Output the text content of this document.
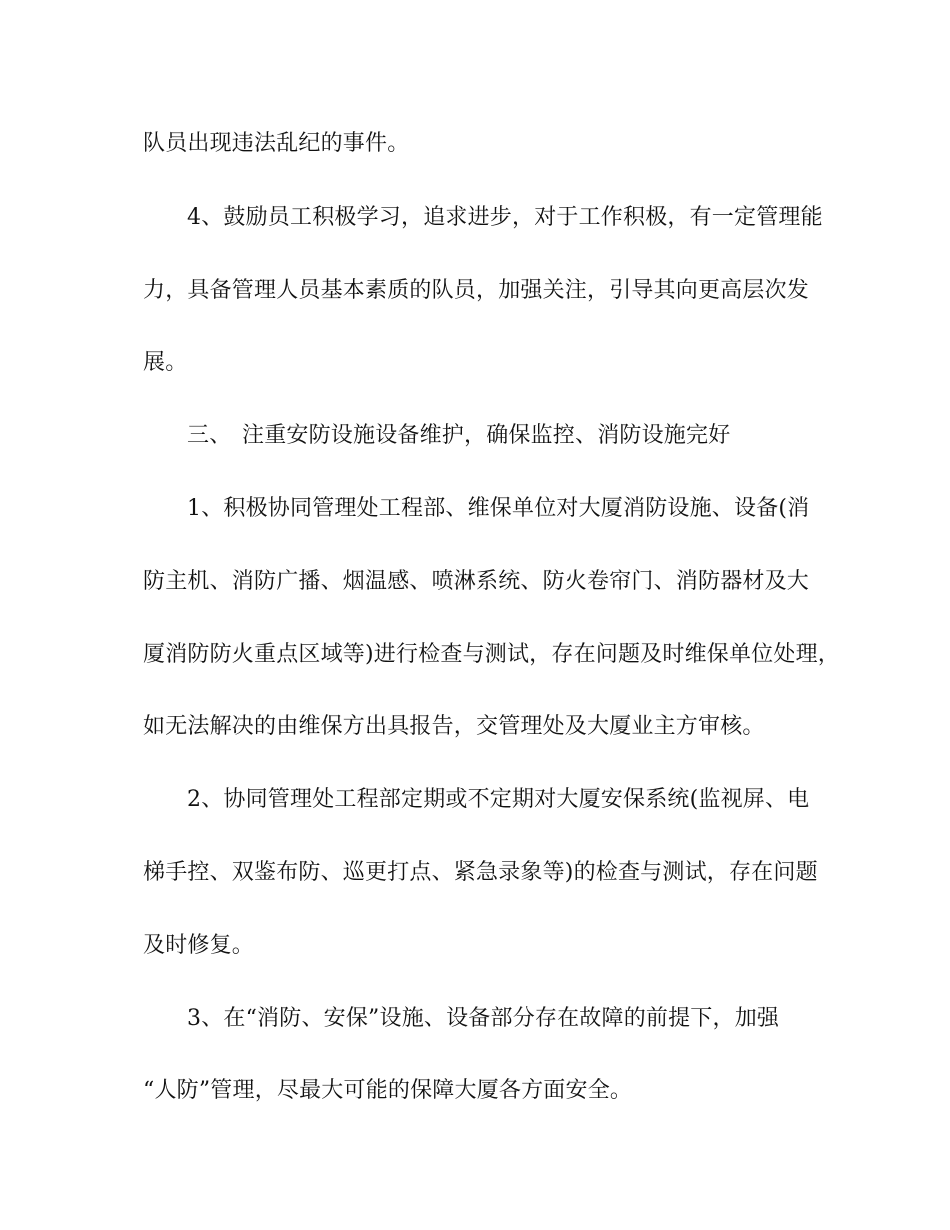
队员出现违法乱纪的事件。
4、鼓励员工积极学习，追求进步，对于工作积极，有一定管理能
力，具备管理人员基本素质的队员，加强关注，引导其向更高层次发
展。
三、 注重安防设施设备维护，确保监控、消防设施完好
1、积极协同管理处工程部、维保单位对大厦消防设施、设备(消
防主机、消防广播、烟温感、喷淋系统、防火卷帘门、消防器材及大
厦消防防火重点区域等)进行检查与测试，存在问题及时维保单位处理，
如无法解决的由维保方出具报告，交管理处及大厦业主方审核。
2、协同管理处工程部定期或不定期对大厦安保系统(监视屏、电
梯手控、双鉴布防、巡更打点、紧急录象等)的检查与测试，存在问题
及时修复。
3、在“消防、安保”设施、设备部分存在故障的前提下，加强
“人防”管理，尽最大可能的保障大厦各方面安全。
